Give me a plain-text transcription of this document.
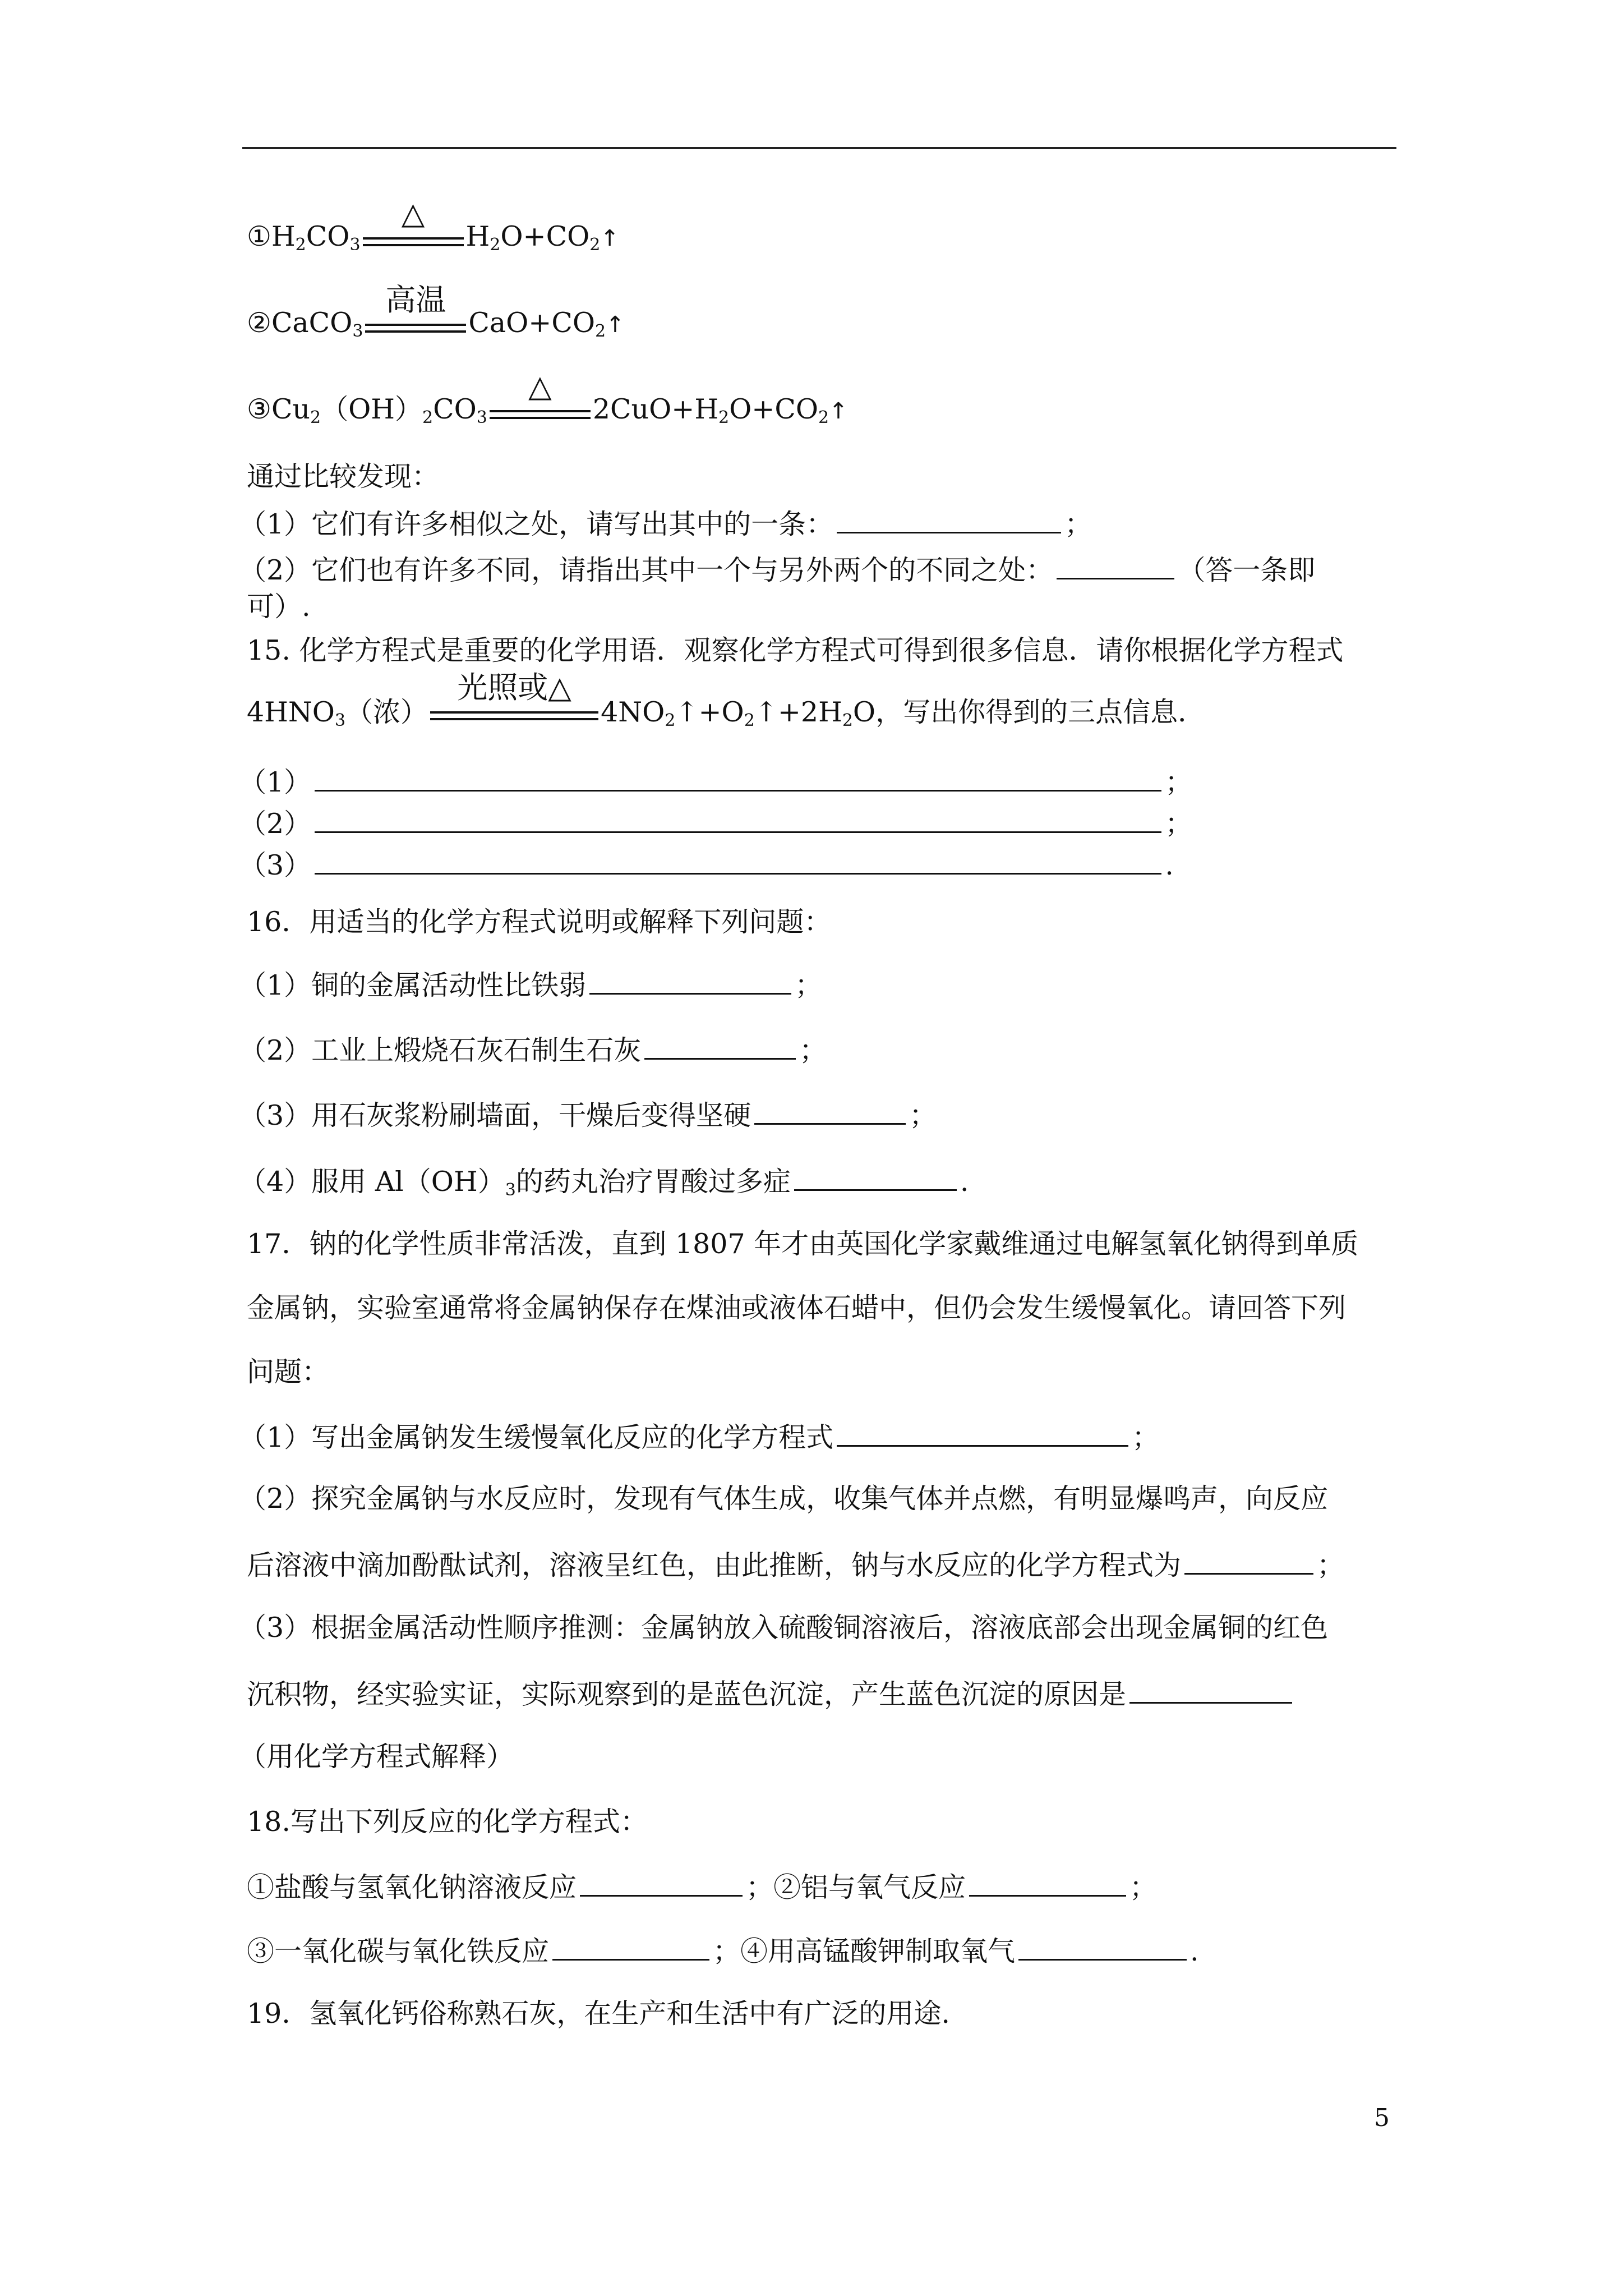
$①H_2CO_3$
△
$H_2O+CO_2↑$
②CaCO$_3$
高温
$CaO+CO_2↑$
$③Cu_2(OH)_2CO_3$
△
$2CuO+H_2O+CO_2↑$
通过比较发现：
（1）它们有许多相似之处，请写出其中的一条：	；
（2）它们也有许多不同，请指出其中一个与另外两个的不同之处：	（答一条即
可）.
15. 化学方程式是重要的化学用语．观察化学方程式可得到很多信息．请你根据化学方程式
$4HNO_3$（浓）
光照或△
$4NO_2↑+O_2↑+2H_2O$，写出你得到的三点信息．
（1）	；
（2）	；
（3）	.
16．用适当的化学方程式说明或解释下列问题：
（1）铜的金属活动性比铁弱	；
（2）工业上煅烧石灰石制生石灰	；
（3）用石灰浆粉刷墙面，干燥后变得坚硬	；
（4）服用 $Al(OH)_3$的药丸治疗胃酸过多症	.
17．钠的化学性质非常活泼，直到 1807 年才由英国化学家戴维通过电解氢氧化钠得到单质
金属钠，实验室通常将金属钠保存在煤油或液体石蜡中，但仍会发生缓慢氧化。请回答下列
问题：
（1）写出金属钠发生缓慢氧化反应的化学方程式	；
（2）探究金属钠与水反应时，发现有气体生成，收集气体并点燃，有明显爆鸣声，向反应
后溶液中滴加酚酞试剂，溶液呈红色，由此推断，钠与水反应的化学方程式为	；
（3）根据金属活动性顺序推测：金属钠放入硫酸铜溶液后，溶液底部会出现金属铜的红色
沉积物，经实验实证，实际观察到的是蓝色沉淀，产生蓝色沉淀的原因是
（用化学方程式解释）
18.写出下列反应的化学方程式：
①盐酸与氢氧化钠溶液反应	；②铝与氧气反应	；
③一氧化碳与氧化铁反应	；④用高锰酸钾制取氧气	.
19．氢氧化钙俗称熟石灰，在生产和生活中有广泛的用途.
5
